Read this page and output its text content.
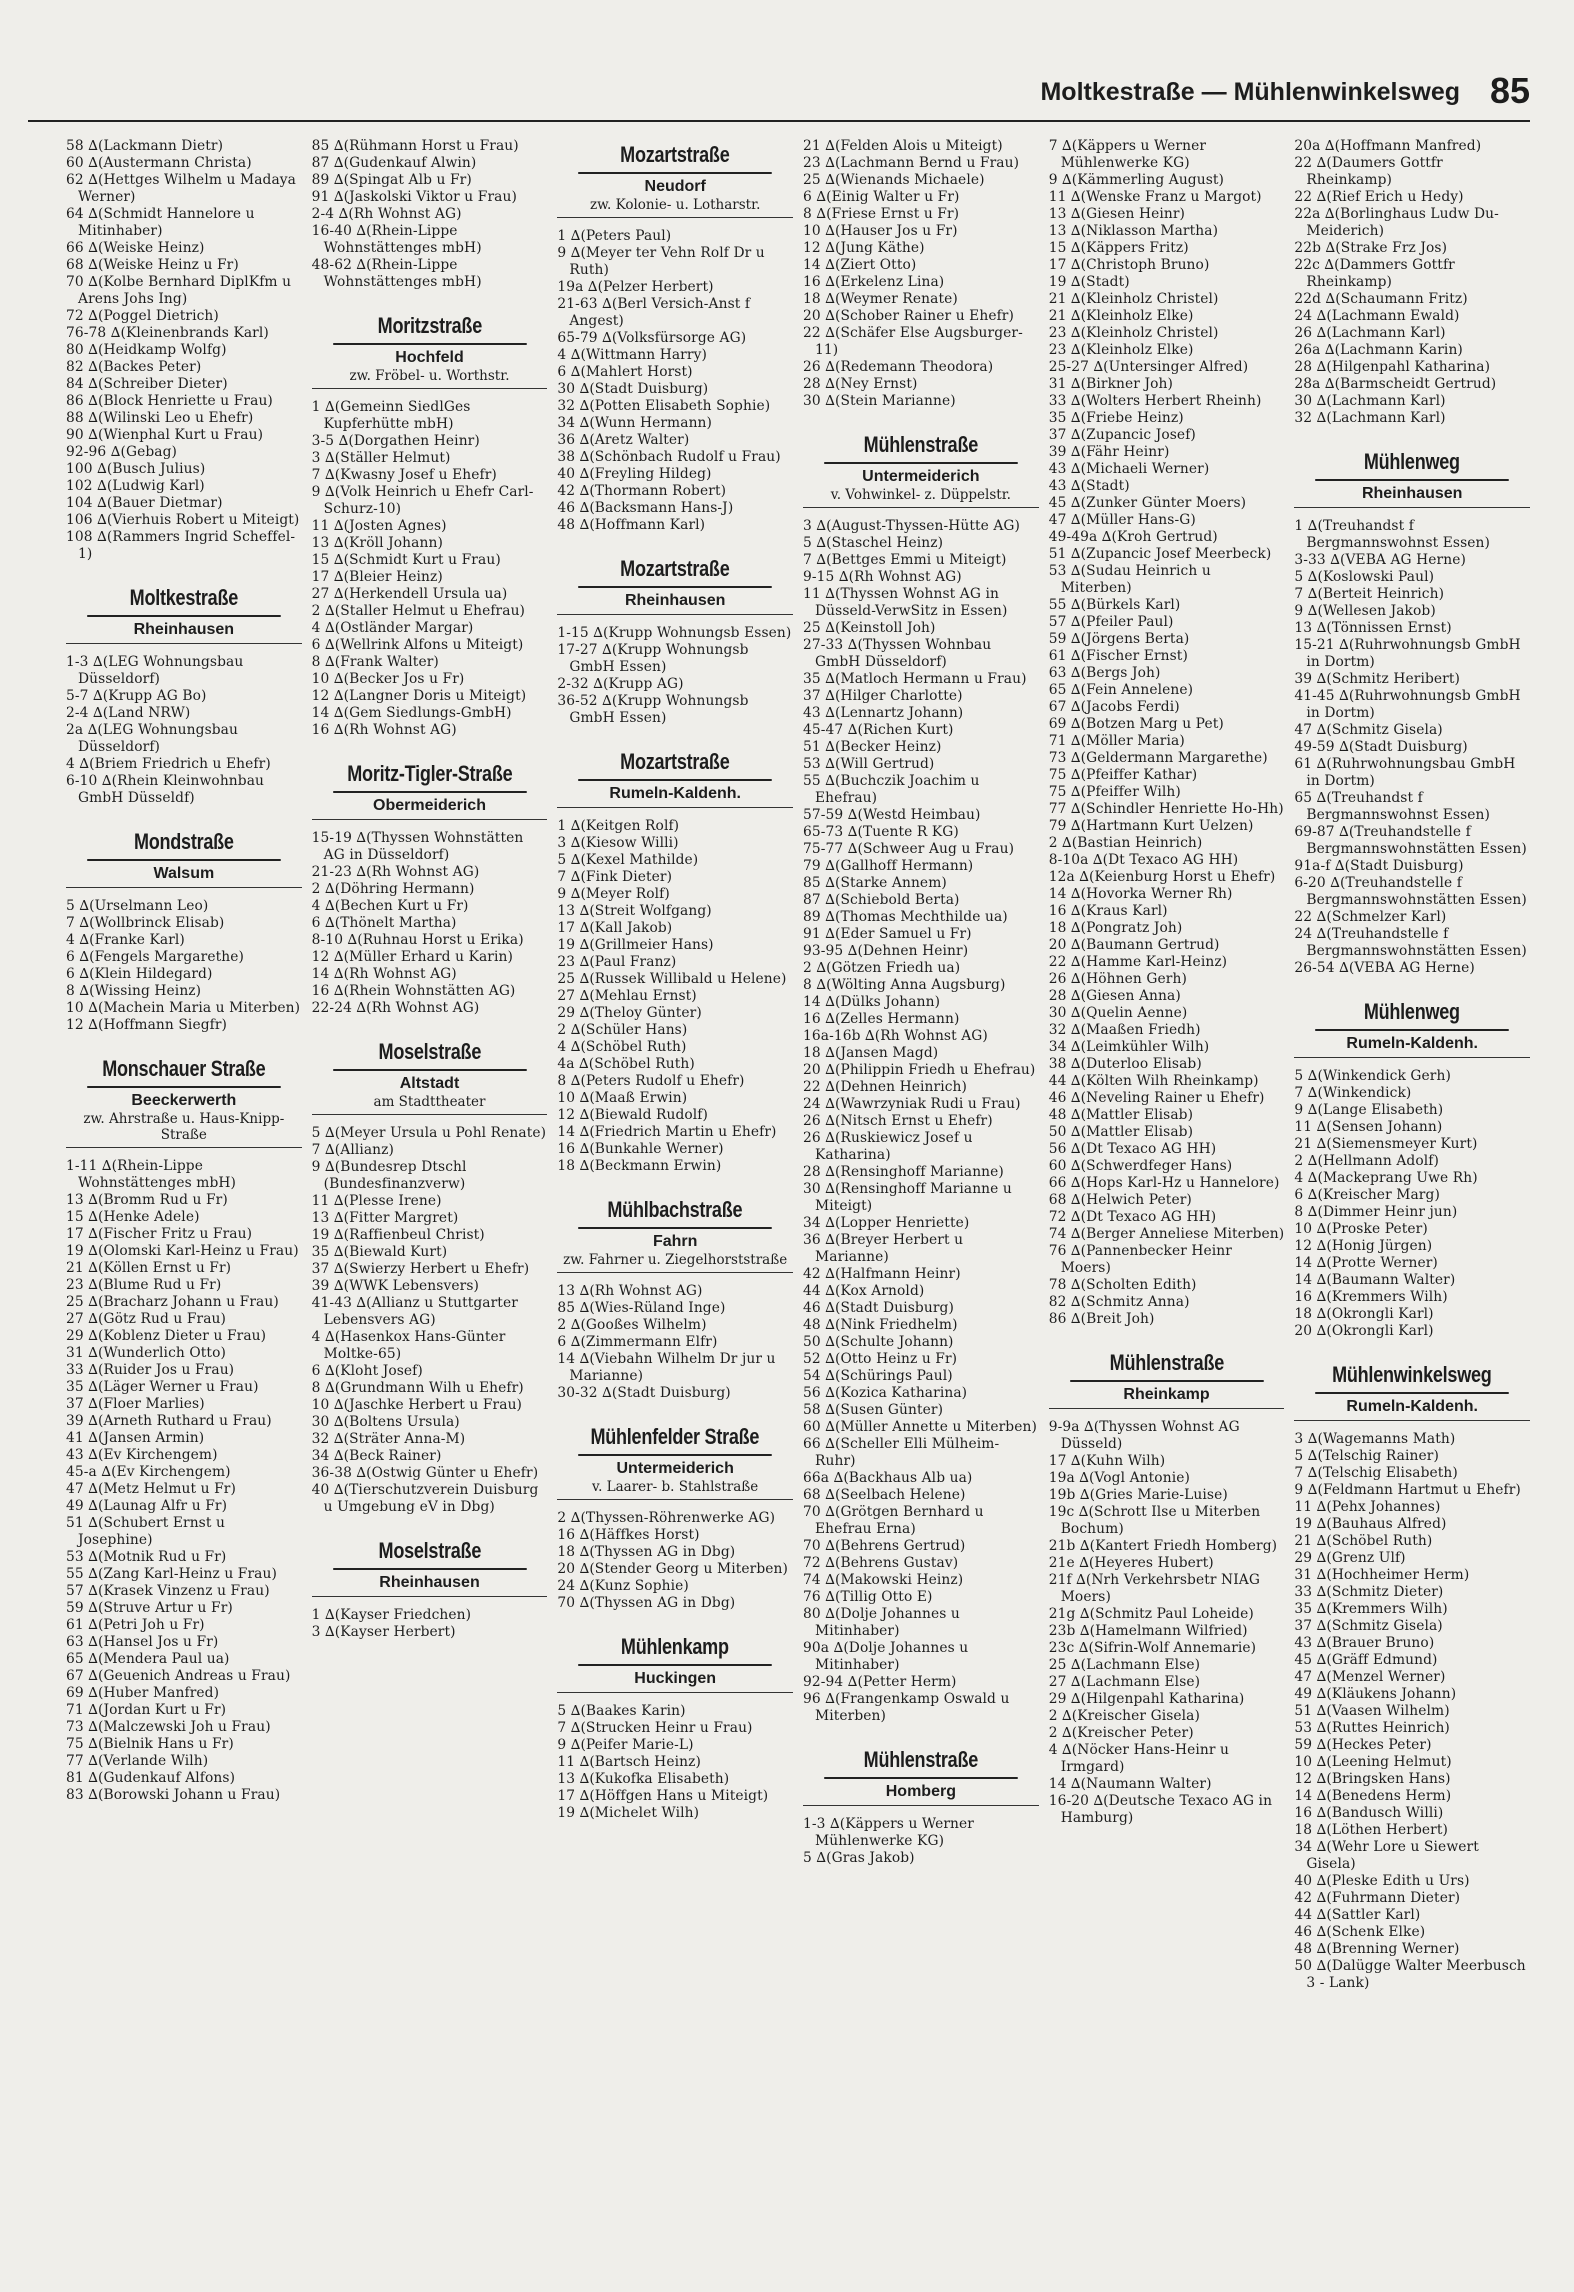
Moltkestraße — Mühlenwinkelsweg 85
58 ∆(Lackmann Dietr)
60 ∆(Austermann Christa)
62 ∆(Hettges Wilhelm u Madaya Werner)
64 ∆(Schmidt Hannelore u Mitinhaber)
66 ∆(Weiske Heinz)
68 ∆(Weiske Heinz u Fr)
70 ∆(Kolbe Bernhard DiplKfm u Arens Johs Ing)
72 ∆(Poggel Dietrich)
76-78 ∆(Kleinenbrands Karl)
80 ∆(Heidkamp Wolfg)
82 ∆(Backes Peter)
84 ∆(Schreiber Dieter)
86 ∆(Block Henriette u Frau)
88 ∆(Wilinski Leo u Ehefr)
90 ∆(Wienphal Kurt u Frau)
92-96 ∆(Gebag)
100 ∆(Busch Julius)
102 ∆(Ludwig Karl)
104 ∆(Bauer Dietmar)
106 ∆(Vierhuis Robert u Miteigt)
108 ∆(Rammers Ingrid Scheffel-1)
Moltkestraße
Rheinhausen
1-3 ∆(LEG Wohnungsbau Düsseldorf)
5-7 ∆(Krupp AG Bo)
2-4 ∆(Land NRW)
2a ∆(LEG Wohnungsbau Düsseldorf)
4 ∆(Briem Friedrich u Ehefr)
6-10 ∆(Rhein Kleinwohnbau GmbH Düsseldf)
Mondstraße
Walsum
5 ∆(Urselmann Leo)
7 ∆(Wollbrinck Elisab)
4 ∆(Franke Karl)
6 ∆(Fengels Margarethe)
6 ∆(Klein Hildegard)
8 ∆(Wissing Heinz)
10 ∆(Machein Maria u Miterben)
12 ∆(Hoffmann Siegfr)
Monschauer Straße
Beeckerwerth
zw. Ahrstraße u. Haus-Knipp-Straße
1-11 ∆(Rhein-Lippe Wohnstättenges mbH)
13 ∆(Bromm Rud u Fr)
15 ∆(Henke Adele)
17 ∆(Fischer Fritz u Frau)
19 ∆(Olomski Karl-Heinz u Frau)
21 ∆(Köllen Ernst u Fr)
23 ∆(Blume Rud u Fr)
25 ∆(Bracharz Johann u Frau)
27 ∆(Götz Rud u Frau)
29 ∆(Koblenz Dieter u Frau)
31 ∆(Wunderlich Otto)
33 ∆(Ruider Jos u Frau)
35 ∆(Läger Werner u Frau)
37 ∆(Floer Marlies)
39 ∆(Arneth Ruthard u Frau)
41 ∆(Jansen Armin)
43 ∆(Ev Kirchengem)
45-a ∆(Ev Kirchengem)
47 ∆(Metz Helmut u Fr)
49 ∆(Launag Alfr u Fr)
51 ∆(Schubert Ernst u Josephine)
53 ∆(Motnik Rud u Fr)
55 ∆(Zang Karl-Heinz u Frau)
57 ∆(Krasek Vinzenz u Frau)
59 ∆(Struve Artur u Fr)
61 ∆(Petri Joh u Fr)
63 ∆(Hansel Jos u Fr)
65 ∆(Mendera Paul ua)
67 ∆(Geuenich Andreas u Frau)
69 ∆(Huber Manfred)
71 ∆(Jordan Kurt u Fr)
73 ∆(Malczewski Joh u Frau)
75 ∆(Bielnik Hans u Fr)
77 ∆(Verlande Wilh)
81 ∆(Gudenkauf Alfons)
83 ∆(Borowski Johann u Frau)
85 ∆(Rühmann Horst u Frau)
87 ∆(Gudenkauf Alwin)
89 ∆(Spingat Alb u Fr)
91 ∆(Jaskolski Viktor u Frau)
2-4 ∆(Rh Wohnst AG)
16-40 ∆(Rhein-Lippe Wohnstättenges mbH)
48-62 ∆(Rhein-Lippe Wohnstättenges mbH)
Moritzstraße
Hochfeld
zw. Fröbel- u. Worthstr.
1 ∆(Gemeinn SiedlGes Kupferhütte mbH)
3-5 ∆(Dorgathen Heinr)
3 ∆(Ställer Helmut)
7 ∆(Kwasny Josef u Ehefr)
9 ∆(Volk Heinrich u Ehefr Carl-Schurz-10)
11 ∆(Josten Agnes)
13 ∆(Kröll Johann)
15 ∆(Schmidt Kurt u Frau)
17 ∆(Bleier Heinz)
27 ∆(Herkendell Ursula ua)
2 ∆(Staller Helmut u Ehefrau)
4 ∆(Ostländer Margar)
6 ∆(Wellrink Alfons u Miteigt)
8 ∆(Frank Walter)
10 ∆(Becker Jos u Fr)
12 ∆(Langner Doris u Miteigt)
14 ∆(Gem Siedlungs-GmbH)
16 ∆(Rh Wohnst AG)
Moritz-Tigler-Straße
Obermeiderich
15-19 ∆(Thyssen Wohnstätten AG in Düsseldorf)
21-23 ∆(Rh Wohnst AG)
2 ∆(Döhring Hermann)
4 ∆(Bechen Kurt u Fr)
6 ∆(Thönelt Martha)
8-10 ∆(Ruhnau Horst u Erika)
12 ∆(Müller Erhard u Karin)
14 ∆(Rh Wohnst AG)
16 ∆(Rhein Wohnstätten AG)
22-24 ∆(Rh Wohnst AG)
Moselstraße
Altstadt
am Stadttheater
5 ∆(Meyer Ursula u Pohl Renate)
7 ∆(Allianz)
9 ∆(Bundesrep Dtschl (Bundesfinanzverw)
11 ∆(Plesse Irene)
13 ∆(Fitter Margret)
19 ∆(Raffienbeul Christ)
35 ∆(Biewald Kurt)
37 ∆(Swierzy Herbert u Ehefr)
39 ∆(WWK Lebensvers)
41-43 ∆(Allianz u Stuttgarter Lebensvers AG)
4 ∆(Hasenkox Hans-Günter Moltke-65)
6 ∆(Kloht Josef)
8 ∆(Grundmann Wilh u Ehefr)
10 ∆(Jaschke Herbert u Frau)
30 ∆(Boltens Ursula)
32 ∆(Sträter Anna-M)
34 ∆(Beck Rainer)
36-38 ∆(Ostwig Günter u Ehefr)
40 ∆(Tierschutzverein Duisburg u Umgebung eV in Dbg)
Moselstraße
Rheinhausen
1 ∆(Kayser Friedchen)
3 ∆(Kayser Herbert)
Mozartstraße
Neudorf
zw. Kolonie- u. Lotharstr.
1 ∆(Peters Paul)
9 ∆(Meyer ter Vehn Rolf Dr u Ruth)
19a ∆(Pelzer Herbert)
21-63 ∆(Berl Versich-Anst f Angest)
65-79 ∆(Volksfürsorge AG)
4 ∆(Wittmann Harry)
6 ∆(Mahlert Horst)
30 ∆(Stadt Duisburg)
32 ∆(Potten Elisabeth Sophie)
34 ∆(Wunn Hermann)
36 ∆(Aretz Walter)
38 ∆(Schönbach Rudolf u Frau)
40 ∆(Freyling Hildeg)
42 ∆(Thormann Robert)
46 ∆(Backsmann Hans-J)
48 ∆(Hoffmann Karl)
Mozartstraße
Rheinhausen
1-15 ∆(Krupp Wohnungsb Essen)
17-27 ∆(Krupp Wohnungsb GmbH Essen)
2-32 ∆(Krupp AG)
36-52 ∆(Krupp Wohnungsb GmbH Essen)
Mozartstraße
Rumeln-Kaldenh.
1 ∆(Keitgen Rolf)
3 ∆(Kiesow Willi)
5 ∆(Kexel Mathilde)
7 ∆(Fink Dieter)
9 ∆(Meyer Rolf)
13 ∆(Streit Wolfgang)
17 ∆(Kall Jakob)
19 ∆(Grillmeier Hans)
23 ∆(Paul Franz)
25 ∆(Russek Willibald u Helene)
27 ∆(Mehlau Ernst)
29 ∆(Theloy Günter)
2 ∆(Schüler Hans)
4 ∆(Schöbel Ruth)
4a ∆(Schöbel Ruth)
8 ∆(Peters Rudolf u Ehefr)
10 ∆(Maaß Erwin)
12 ∆(Biewald Rudolf)
14 ∆(Friedrich Martin u Ehefr)
16 ∆(Bunkahle Werner)
18 ∆(Beckmann Erwin)
Mühlbachstraße
Fahrn
zw. Fahrner u. Ziegelhorststraße
13 ∆(Rh Wohnst AG)
85 ∆(Wies-Rüland Inge)
2 ∆(Gooßes Wilhelm)
6 ∆(Zimmermann Elfr)
14 ∆(Viebahn Wilhelm Dr jur u Marianne)
30-32 ∆(Stadt Duisburg)
Mühlenfelder Straße
Untermeiderich
v. Laarer- b. Stahlstraße
2 ∆(Thyssen-Röhrenwerke AG)
16 ∆(Häffkes Horst)
18 ∆(Thyssen AG in Dbg)
20 ∆(Stender Georg u Miterben)
24 ∆(Kunz Sophie)
70 ∆(Thyssen AG in Dbg)
Mühlenkamp
Huckingen
5 ∆(Baakes Karin)
7 ∆(Strucken Heinr u Frau)
9 ∆(Peifer Marie-L)
11 ∆(Bartsch Heinz)
13 ∆(Kukofka Elisabeth)
17 ∆(Höffgen Hans u Miteigt)
19 ∆(Michelet Wilh)
21 ∆(Felden Alois u Miteigt)
23 ∆(Lachmann Bernd u Frau)
25 ∆(Wienands Michaele)
6 ∆(Einig Walter u Fr)
8 ∆(Friese Ernst u Fr)
10 ∆(Hauser Jos u Fr)
12 ∆(Jung Käthe)
14 ∆(Ziert Otto)
16 ∆(Erkelenz Lina)
18 ∆(Weymer Renate)
20 ∆(Schober Rainer u Ehefr)
22 ∆(Schäfer Else Augsburger-11)
26 ∆(Redemann Theodora)
28 ∆(Ney Ernst)
30 ∆(Stein Marianne)
Mühlenstraße
Untermeiderich
v. Vohwinkel- z. Düppelstr.
3 ∆(August-Thyssen-Hütte AG)
5 ∆(Staschel Heinz)
7 ∆(Bettges Emmi u Miteigt)
9-15 ∆(Rh Wohnst AG)
11 ∆(Thyssen Wohnst AG in Düsseld-VerwSitz in Essen)
25 ∆(Keinstoll Joh)
27-33 ∆(Thyssen Wohnbau GmbH Düsseldorf)
35 ∆(Matloch Hermann u Frau)
37 ∆(Hilger Charlotte)
43 ∆(Lennartz Johann)
45-47 ∆(Richen Kurt)
51 ∆(Becker Heinz)
53 ∆(Will Gertrud)
55 ∆(Buchczik Joachim u Ehefrau)
57-59 ∆(Westd Heimbau)
65-73 ∆(Tuente R KG)
75-77 ∆(Schweer Aug u Frau)
79 ∆(Gallhoff Hermann)
85 ∆(Starke Annem)
87 ∆(Schiebold Berta)
89 ∆(Thomas Mechthilde ua)
91 ∆(Eder Samuel u Fr)
93-95 ∆(Dehnen Heinr)
2 ∆(Götzen Friedh ua)
8 ∆(Wölting Anna Augsburg)
14 ∆(Dülks Johann)
16 ∆(Zelles Hermann)
16a-16b ∆(Rh Wohnst AG)
18 ∆(Jansen Magd)
20 ∆(Philippin Friedh u Ehefrau)
22 ∆(Dehnen Heinrich)
24 ∆(Wawrzyniak Rudi u Frau)
26 ∆(Nitsch Ernst u Ehefr)
26 ∆(Ruskiewicz Josef u Katharina)
28 ∆(Rensinghoff Marianne)
30 ∆(Rensinghoff Marianne u Miteigt)
34 ∆(Lopper Henriette)
36 ∆(Breyer Herbert u Marianne)
42 ∆(Halfmann Heinr)
44 ∆(Kox Arnold)
46 ∆(Stadt Duisburg)
48 ∆(Nink Friedhelm)
50 ∆(Schulte Johann)
52 ∆(Otto Heinz u Fr)
54 ∆(Schürings Paul)
56 ∆(Kozica Katharina)
58 ∆(Susen Günter)
60 ∆(Müller Annette u Miterben)
66 ∆(Scheller Elli Mülheim-Ruhr)
66a ∆(Backhaus Alb ua)
68 ∆(Seelbach Helene)
70 ∆(Grötgen Bernhard u Ehefrau Erna)
70 ∆(Behrens Gertrud)
72 ∆(Behrens Gustav)
74 ∆(Makowski Heinz)
76 ∆(Tillig Otto E)
80 ∆(Dolje Johannes u Mitinhaber)
90a ∆(Dolje Johannes u Mitinhaber)
92-94 ∆(Petter Herm)
96 ∆(Frangenkamp Oswald u Miterben)
Mühlenstraße
Homberg
1-3 ∆(Käppers u Werner Mühlenwerke KG)
5 ∆(Gras Jakob)
7 ∆(Käppers u Werner Mühlenwerke KG)
9 ∆(Kämmerling August)
11 ∆(Wenske Franz u Margot)
13 ∆(Giesen Heinr)
13 ∆(Niklasson Martha)
15 ∆(Käppers Fritz)
17 ∆(Christoph Bruno)
19 ∆(Stadt)
21 ∆(Kleinholz Christel)
21 ∆(Kleinholz Elke)
23 ∆(Kleinholz Christel)
23 ∆(Kleinholz Elke)
25-27 ∆(Untersinger Alfred)
31 ∆(Birkner Joh)
33 ∆(Wolters Herbert Rheinh)
35 ∆(Friebe Heinz)
37 ∆(Zupancic Josef)
39 ∆(Fähr Heinr)
43 ∆(Michaeli Werner)
43 ∆(Stadt)
45 ∆(Zunker Günter Moers)
47 ∆(Müller Hans-G)
49-49a ∆(Kroh Gertrud)
51 ∆(Zupancic Josef Meerbeck)
53 ∆(Sudau Heinrich u Miterben)
55 ∆(Bürkels Karl)
57 ∆(Pfeiler Paul)
59 ∆(Jörgens Berta)
61 ∆(Fischer Ernst)
63 ∆(Bergs Joh)
65 ∆(Fein Annelene)
67 ∆(Jacobs Ferdi)
69 ∆(Botzen Marg u Pet)
71 ∆(Möller Maria)
73 ∆(Geldermann Margarethe)
75 ∆(Pfeiffer Kathar)
75 ∆(Pfeiffer Wilh)
77 ∆(Schindler Henriette Ho-Hh)
79 ∆(Hartmann Kurt Uelzen)
2 ∆(Bastian Heinrich)
8-10a ∆(Dt Texaco AG HH)
12a ∆(Keienburg Horst u Ehefr)
14 ∆(Hovorka Werner Rh)
16 ∆(Kraus Karl)
18 ∆(Pongratz Joh)
20 ∆(Baumann Gertrud)
22 ∆(Hamme Karl-Heinz)
26 ∆(Höhnen Gerh)
28 ∆(Giesen Anna)
30 ∆(Quelin Aenne)
32 ∆(Maaßen Friedh)
34 ∆(Leimkühler Wilh)
38 ∆(Duterloo Elisab)
44 ∆(Költen Wilh Rheinkamp)
46 ∆(Neveling Rainer u Ehefr)
48 ∆(Mattler Elisab)
50 ∆(Mattler Elisab)
56 ∆(Dt Texaco AG HH)
60 ∆(Schwerdfeger Hans)
66 ∆(Hops Karl-Hz u Hannelore)
68 ∆(Helwich Peter)
72 ∆(Dt Texaco AG HH)
74 ∆(Berger Anneliese Miterben)
76 ∆(Pannenbecker Heinr Moers)
78 ∆(Scholten Edith)
82 ∆(Schmitz Anna)
86 ∆(Breit Joh)
Mühlenstraße
Rheinkamp
9-9a ∆(Thyssen Wohnst AG Düsseld)
17 ∆(Kuhn Wilh)
19a ∆(Vogl Antonie)
19b ∆(Gries Marie-Luise)
19c ∆(Schrott Ilse u Miterben Bochum)
21b ∆(Kantert Friedh Homberg)
21e ∆(Heyeres Hubert)
21f ∆(Nrh Verkehrsbetr NIAG Moers)
21g ∆(Schmitz Paul Loheide)
23b ∆(Hamelmann Wilfried)
23c ∆(Sifrin-Wolf Annemarie)
25 ∆(Lachmann Else)
27 ∆(Lachmann Else)
29 ∆(Hilgenpahl Katharina)
2 ∆(Kreischer Gisela)
2 ∆(Kreischer Peter)
4 ∆(Nöcker Hans-Heinr u Irmgard)
14 ∆(Naumann Walter)
16-20 ∆(Deutsche Texaco AG in Hamburg)
20a ∆(Hoffmann Manfred)
22 ∆(Daumers Gottfr Rheinkamp)
22 ∆(Rief Erich u Hedy)
22a ∆(Borlinghaus Ludw Du-Meiderich)
22b ∆(Strake Frz Jos)
22c ∆(Dammers Gottfr Rheinkamp)
22d ∆(Schaumann Fritz)
24 ∆(Lachmann Ewald)
26 ∆(Lachmann Karl)
26a ∆(Lachmann Karin)
28 ∆(Hilgenpahl Katharina)
28a ∆(Barmscheidt Gertrud)
30 ∆(Lachmann Karl)
32 ∆(Lachmann Karl)
Mühlenweg
Rheinhausen
1 ∆(Treuhandst f Bergmannswohnst Essen)
3-33 ∆(VEBA AG Herne)
5 ∆(Koslowski Paul)
7 ∆(Berteit Heinrich)
9 ∆(Wellesen Jakob)
13 ∆(Tönnissen Ernst)
15-21 ∆(Ruhrwohnungsb GmbH in Dortm)
39 ∆(Schmitz Heribert)
41-45 ∆(Ruhrwohnungsb GmbH in Dortm)
47 ∆(Schmitz Gisela)
49-59 ∆(Stadt Duisburg)
61 ∆(Ruhrwohnungsbau GmbH in Dortm)
65 ∆(Treuhandst f Bergmannswohnst Essen)
69-87 ∆(Treuhandstelle f Bergmannswohnstätten Essen)
91a-f ∆(Stadt Duisburg)
6-20 ∆(Treuhandstelle f Bergmannswohnstätten Essen)
22 ∆(Schmelzer Karl)
24 ∆(Treuhandstelle f Bergmannswohnstätten Essen)
26-54 ∆(VEBA AG Herne)
Mühlenweg
Rumeln-Kaldenh.
5 ∆(Winkendick Gerh)
7 ∆(Winkendick)
9 ∆(Lange Elisabeth)
11 ∆(Sensen Johann)
21 ∆(Siemensmeyer Kurt)
2 ∆(Hellmann Adolf)
4 ∆(Mackeprang Uwe Rh)
6 ∆(Kreischer Marg)
8 ∆(Dimmer Heinr jun)
10 ∆(Proske Peter)
12 ∆(Honig Jürgen)
14 ∆(Protte Werner)
14 ∆(Baumann Walter)
16 ∆(Kremmers Wilh)
18 ∆(Okrongli Karl)
20 ∆(Okrongli Karl)
Mühlenwinkelsweg
Rumeln-Kaldenh.
3 ∆(Wagemanns Math)
5 ∆(Telschig Rainer)
7 ∆(Telschig Elisabeth)
9 ∆(Feldmann Hartmut u Ehefr)
11 ∆(Pehx Johannes)
19 ∆(Bauhaus Alfred)
21 ∆(Schöbel Ruth)
29 ∆(Grenz Ulf)
31 ∆(Hochheimer Herm)
33 ∆(Schmitz Dieter)
35 ∆(Kremmers Wilh)
37 ∆(Schmitz Gisela)
43 ∆(Brauer Bruno)
45 ∆(Gräff Edmund)
47 ∆(Menzel Werner)
49 ∆(Kläukens Johann)
51 ∆(Vaasen Wilhelm)
53 ∆(Ruttes Heinrich)
59 ∆(Heckes Peter)
10 ∆(Leening Helmut)
12 ∆(Bringsken Hans)
14 ∆(Benedens Herm)
16 ∆(Bandusch Willi)
18 ∆(Löthen Herbert)
34 ∆(Wehr Lore u Siewert Gisela)
40 ∆(Pleske Edith u Urs)
42 ∆(Fuhrmann Dieter)
44 ∆(Sattler Karl)
46 ∆(Schenk Elke)
48 ∆(Brenning Werner)
50 ∆(Dalügge Walter Meerbusch 3 - Lank)
